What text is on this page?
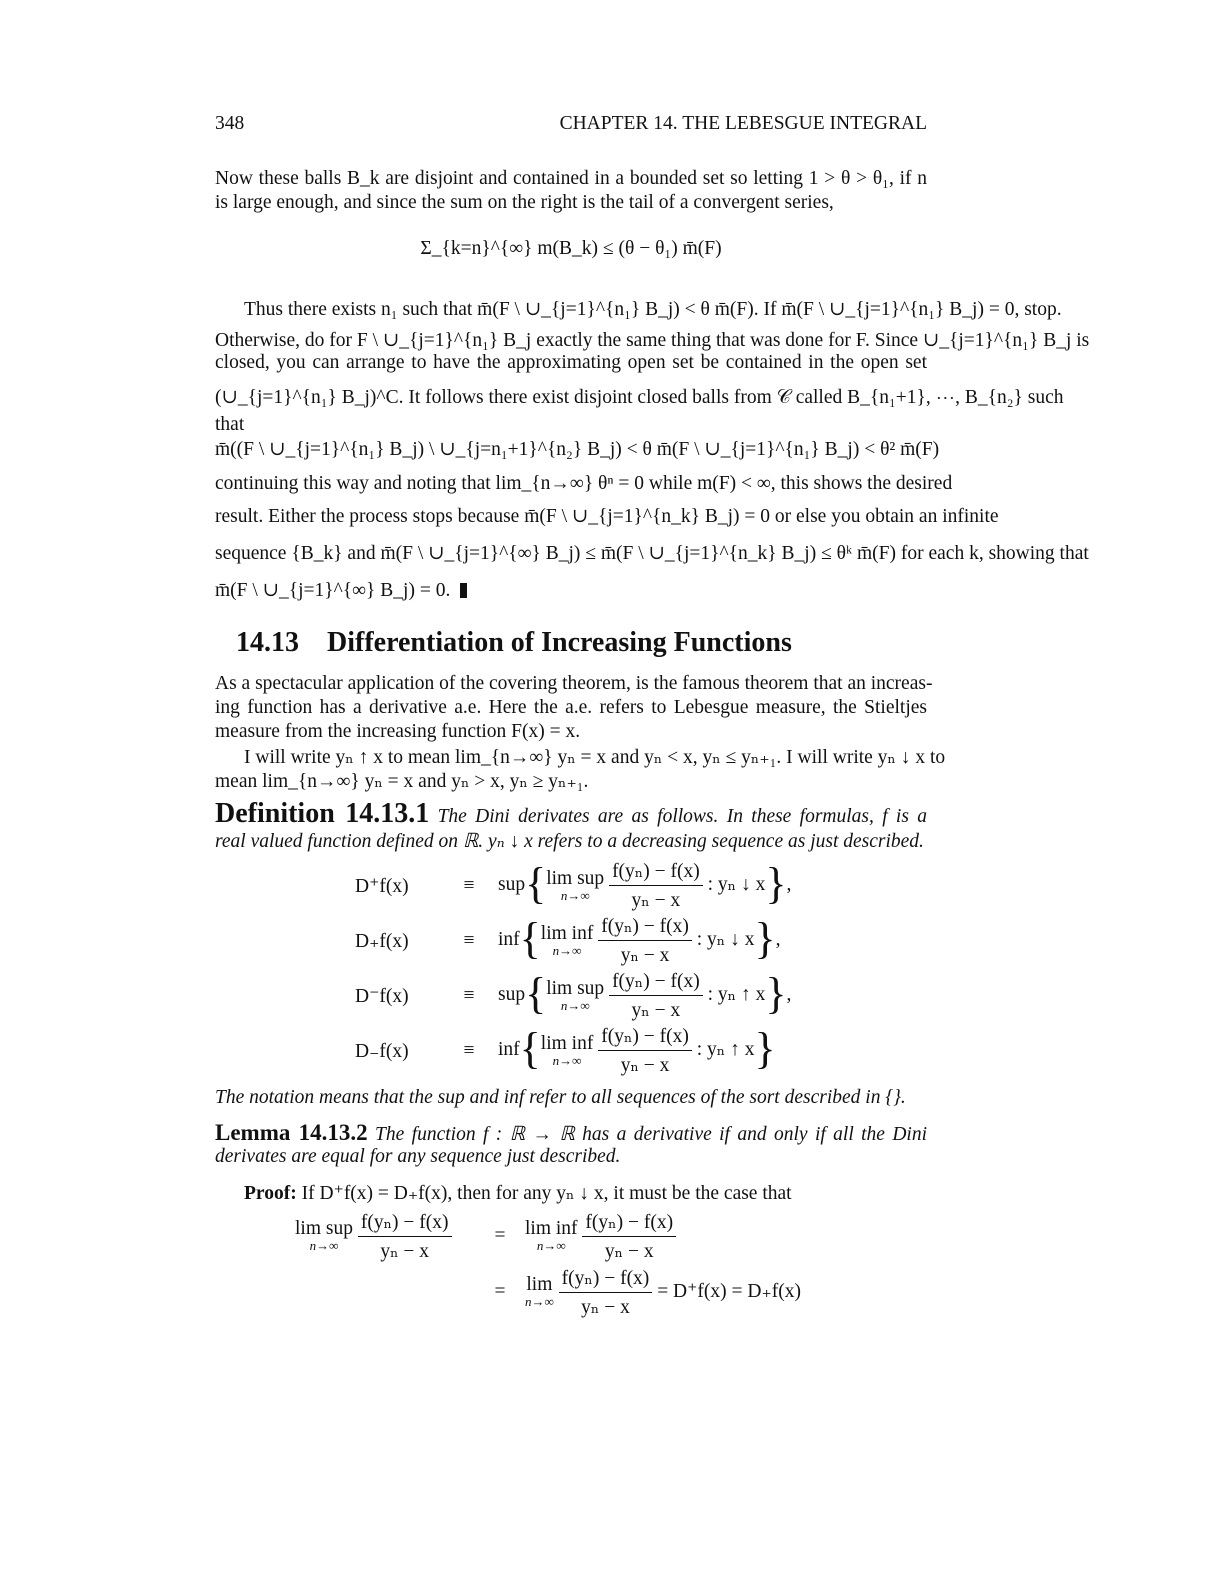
348	CHAPTER 14. THE LEBESGUE INTEGRAL
Now these balls B_k are disjoint and contained in a bounded set so letting 1 > θ > θ₁, if n
is large enough, and since the sum on the right is the tail of a convergent series,
Σ_{k=n}^{∞} m(B_k) ≤ (θ − θ₁) m̄(F)
Thus there exists n₁ such that m̄(F \ ∪_{j=1}^{n₁} B_j) < θ m̄(F). If m̄(F \ ∪_{j=1}^{n₁} B_j) = 0, stop.
Otherwise, do for F \ ∪_{j=1}^{n₁} B_j exactly the same thing that was done for F. Since ∪_{j=1}^{n₁} B_j is
closed, you can arrange to have the approximating open set be contained in the open set
(∪_{j=1}^{n₁} B_j)^C. It follows there exist disjoint closed balls from 𝒞 called B_{n₁+1}, ⋯, B_{n₂} such
that
m̄((F \ ∪_{j=1}^{n₁} B_j) \ ∪_{j=n₁+1}^{n₂} B_j) < θ m̄(F \ ∪_{j=1}^{n₁} B_j) < θ² m̄(F)
continuing this way and noting that lim_{n→∞} θⁿ = 0 while m(F) < ∞, this shows the desired
result. Either the process stops because m̄(F \ ∪_{j=1}^{n_k} B_j) = 0 or else you obtain an infinite
sequence {B_k} and m̄(F \ ∪_{j=1}^{∞} B_j) ≤ m̄(F \ ∪_{j=1}^{n_k} B_j) ≤ θᵏ m̄(F) for each k, showing that
m̄(F \ ∪_{j=1}^{∞} B_j) = 0.
14.13 Differentiation of Increasing Functions
As a spectacular application of the covering theorem, is the famous theorem that an increas-
ing function has a derivative a.e. Here the a.e. refers to Lebesgue measure, the Stieltjes
measure from the increasing function F(x) = x.
I will write yₙ ↑ x to mean lim_{n→∞} yₙ = x and yₙ < x, yₙ ≤ yₙ₊₁. I will write yₙ ↓ x to
mean lim_{n→∞} yₙ = x and yₙ > x, yₙ ≥ yₙ₊₁.
Definition 14.13.1 The Dini derivates are as follows. In these formulas, f is a
real valued function defined on ℝ. yₙ ↓ x refers to a decreasing sequence as just described.
D⁺f(x)	≡	sup{lim sup
n→∞
$\frac{\text{f(yₙ) − f(x)}}{\text{yₙ − x}}$ : yₙ ↓ x},
D₊f(x)	≡	inf{lim inf
n→∞
$\frac{\text{f(yₙ) − f(x)}}{\text{yₙ − x}}$ : yₙ ↓ x},
D⁻f(x)	≡	sup{lim sup
n→∞
$\frac{\text{f(yₙ) − f(x)}}{\text{yₙ − x}}$ : yₙ ↑ x},
D₋f(x)	≡	inf{lim inf
n→∞
$\frac{\text{f(yₙ) − f(x)}}{\text{yₙ − x}}$ : yₙ ↑ x}
The notation means that the sup and inf refer to all sequences of the sort described in {}.
Lemma 14.13.2 The function f : ℝ → ℝ has a derivative if and only if all the Dini
derivates are equal for any sequence just described.
Proof: If D⁺f(x) = D₊f(x), then for any yₙ ↓ x, it must be the case that
lim sup
n→∞
$\frac{\text{f(yₙ) − f(x)}}{\text{yₙ − x}}$	=	lim inf
n→∞
$\frac{\text{f(yₙ) − f(x)}}{\text{yₙ − x}}$

	=	lim
n→∞
$\frac{\text{f(yₙ) − f(x)}}{\text{yₙ − x}} = D^+f(x) = D_+f(x)$
